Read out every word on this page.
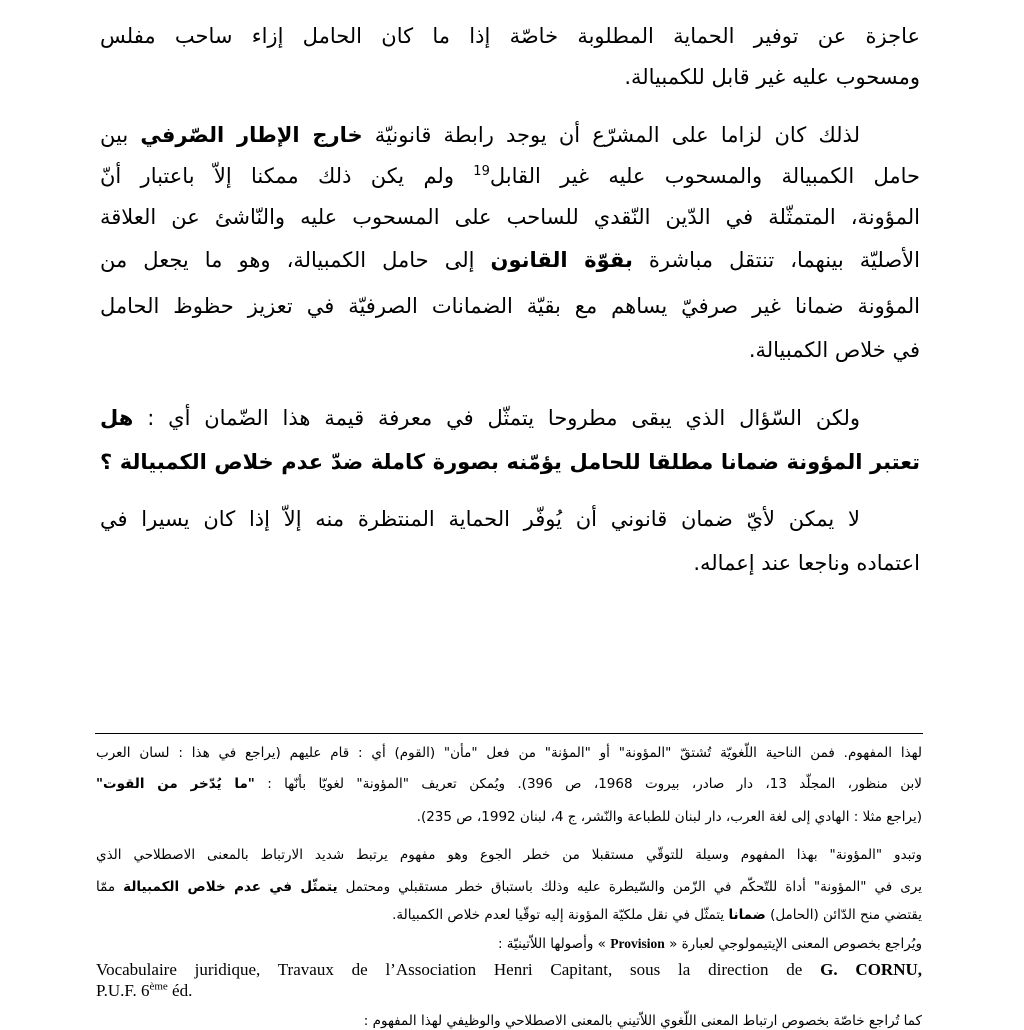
عاجزة عن توفير الحماية المطلوبة خاصّة إذا ما كان الحامل إزاء ساحب مفلس
ومسحوب عليه غير قابل للكمبيالة.
لذلك كان لزاما على المشرّع أن يوجد رابطة قانونيّة خارج الإطار الصّرفي بين
حامل الكمبيالة والمسحوب عليه غير القابل$^{19}$ ولم يكن ذلك ممكنا إلاّ باعتبار أنّ
المؤونة، المتمثّلة في الدّين النّقدي للساحب على المسحوب عليه والنّاشئ عن العلاقة
الأصليّة بينهما، تنتقل مباشرة بقوّة القانون إلى حامل الكمبيالة، وهو ما يجعل من
المؤونة ضمانا غير صرفيّ يساهم مع بقيّة الضمانات الصرفيّة في تعزيز حظوظ الحامل
في خلاص الكمبيالة.
ولكن السّؤال الذي يبقى مطروحا يتمثّل في معرفة قيمة هذا الضّمان أي : هل
تعتبر المؤونة ضمانا مطلقا للحامل يؤمّنه بصورة كاملة ضدّ عدم خلاص الكمبيالة ؟
لا يمكن لأيّ ضمان قانوني أن يُوفّر الحماية المنتظرة منه إلاّ إذا كان يسيرا في
اعتماده وناجعا عند إعماله.
لهذا المفهوم. فمن الناحية اللّغويّة تُشتقّ "المؤونة" أو "المؤنة" من فعل "مأن" (القوم) أي : قام عليهم (يراجع في هذا : لسان العرب
لابن منظور، المجلّد 13، دار صادر، بيروت 1968، ص 396). ويُمكن تعريف "المؤونة" لغويّا بأنّها : "ما يُدّخر من القوت"
(يراجع مثلا : الهادي إلى لغة العرب، دار لبنان للطباعة والنّشر، ج 4، لبنان 1992، ص 235).
وتبدو "المؤونة" بهذا المفهوم وسيلة للتوقّي مستقبلا من خطر الجوع وهو مفهوم يرتبط شديد الارتباط بالمعنى الاصطلاحي الذي
يرى في "المؤونة" أداة للتّحكّم في الزّمن والسّيطرة عليه وذلك باستباق خطر مستقبلي ومحتمل يتمثّل في عدم خلاص الكمبيالة ممّا
يقتضي منح الدّائن (الحامل) ضمانا يتمثّل في نقل ملكيّة المؤونة إليه توقّيا لعدم خلاص الكمبيالة.
ويُراجع بخصوص المعنى الإيتيمولوجي لعبارة « Provision » وأصولها اللاّتينيّة :
Vocabulaire juridique, Travaux de l’Association Henri Capitant, sous la direction de G. CORNU,
P.U.F. 6ème éd.
كما تُراجع خاصّة بخصوص ارتباط المعنى اللّغوي اللاّتيني بالمعنى الاصطلاحي والوظيفي لهذا المفهوم :
